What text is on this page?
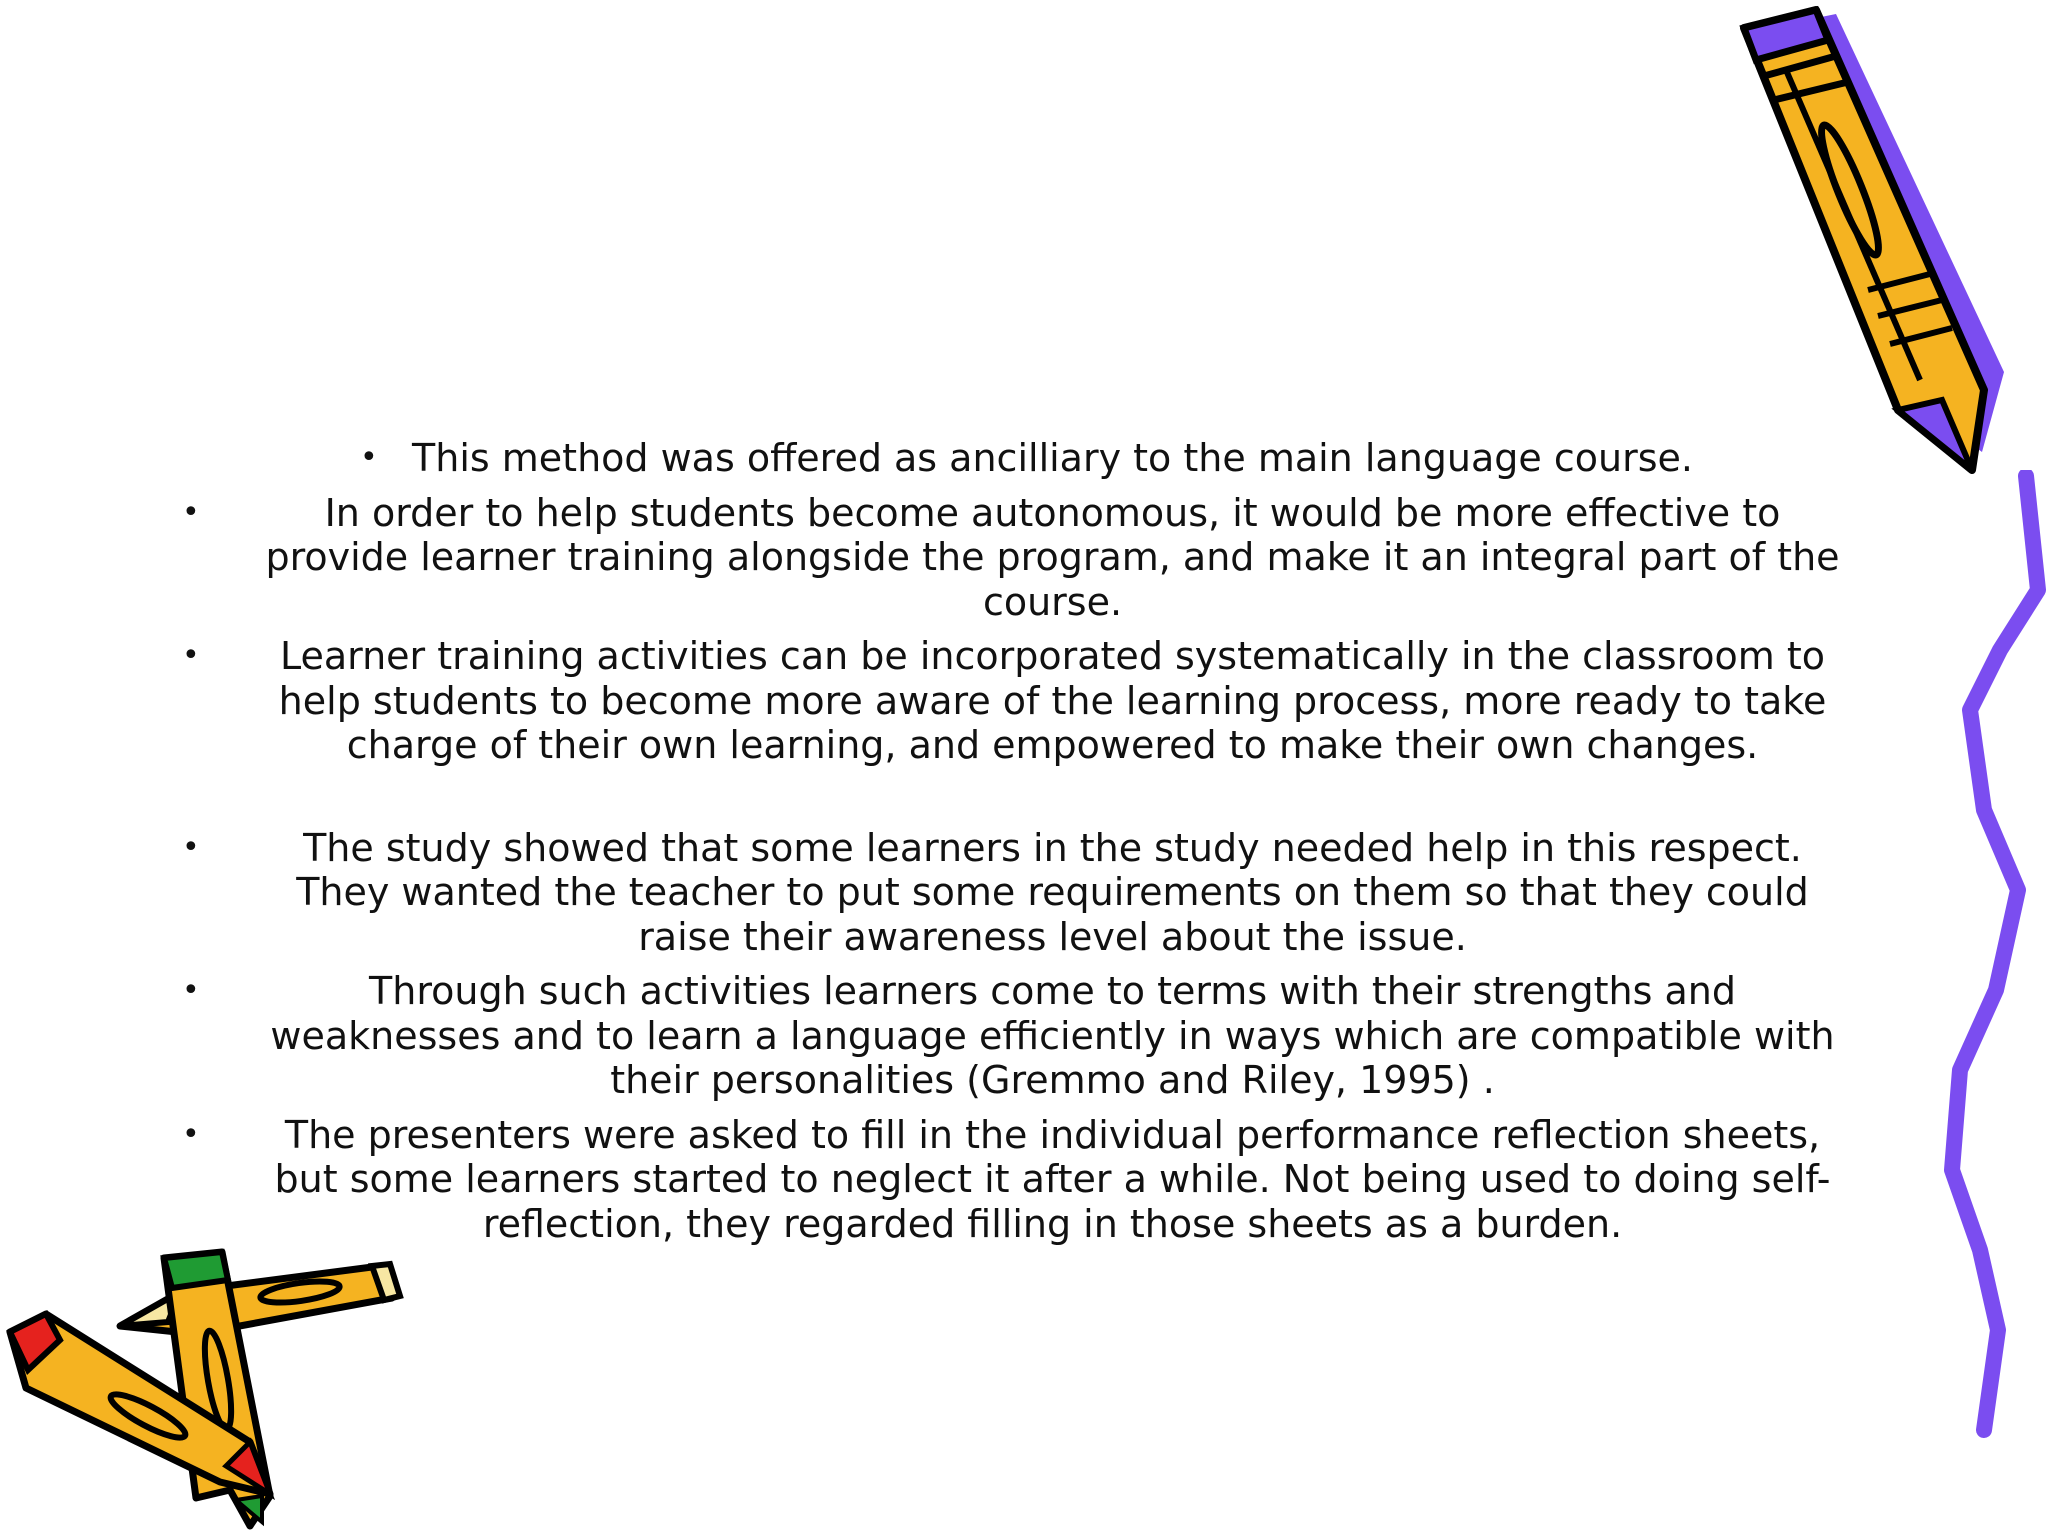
• This method was offered as ancilliary to the main language course.
•	In order to help students become autonomous, it would be more effective to provide learner training alongside the program, and make it an integral part of the course.
• Learner training activities can be incorporated systematically in the classroom to help students to become more aware of the learning process, more ready to take charge of their own learning, and empowered to make their own changes.
•	The study showed that some learners in the study needed help in this respect. They wanted the teacher to put some requirements on them so that they could raise their awareness level about the issue.
•	Through such activities learners come to terms with their strengths and weaknesses and to learn a language efficiently in ways which are compatible with their personalities (Gremmo and Riley, 1995) .
• The presenters were asked to fill in the individual performance reflection sheets, but some learners started to neglect it after a while. Not being used to doing self-reflection, they regarded filling in those sheets as a burden.
